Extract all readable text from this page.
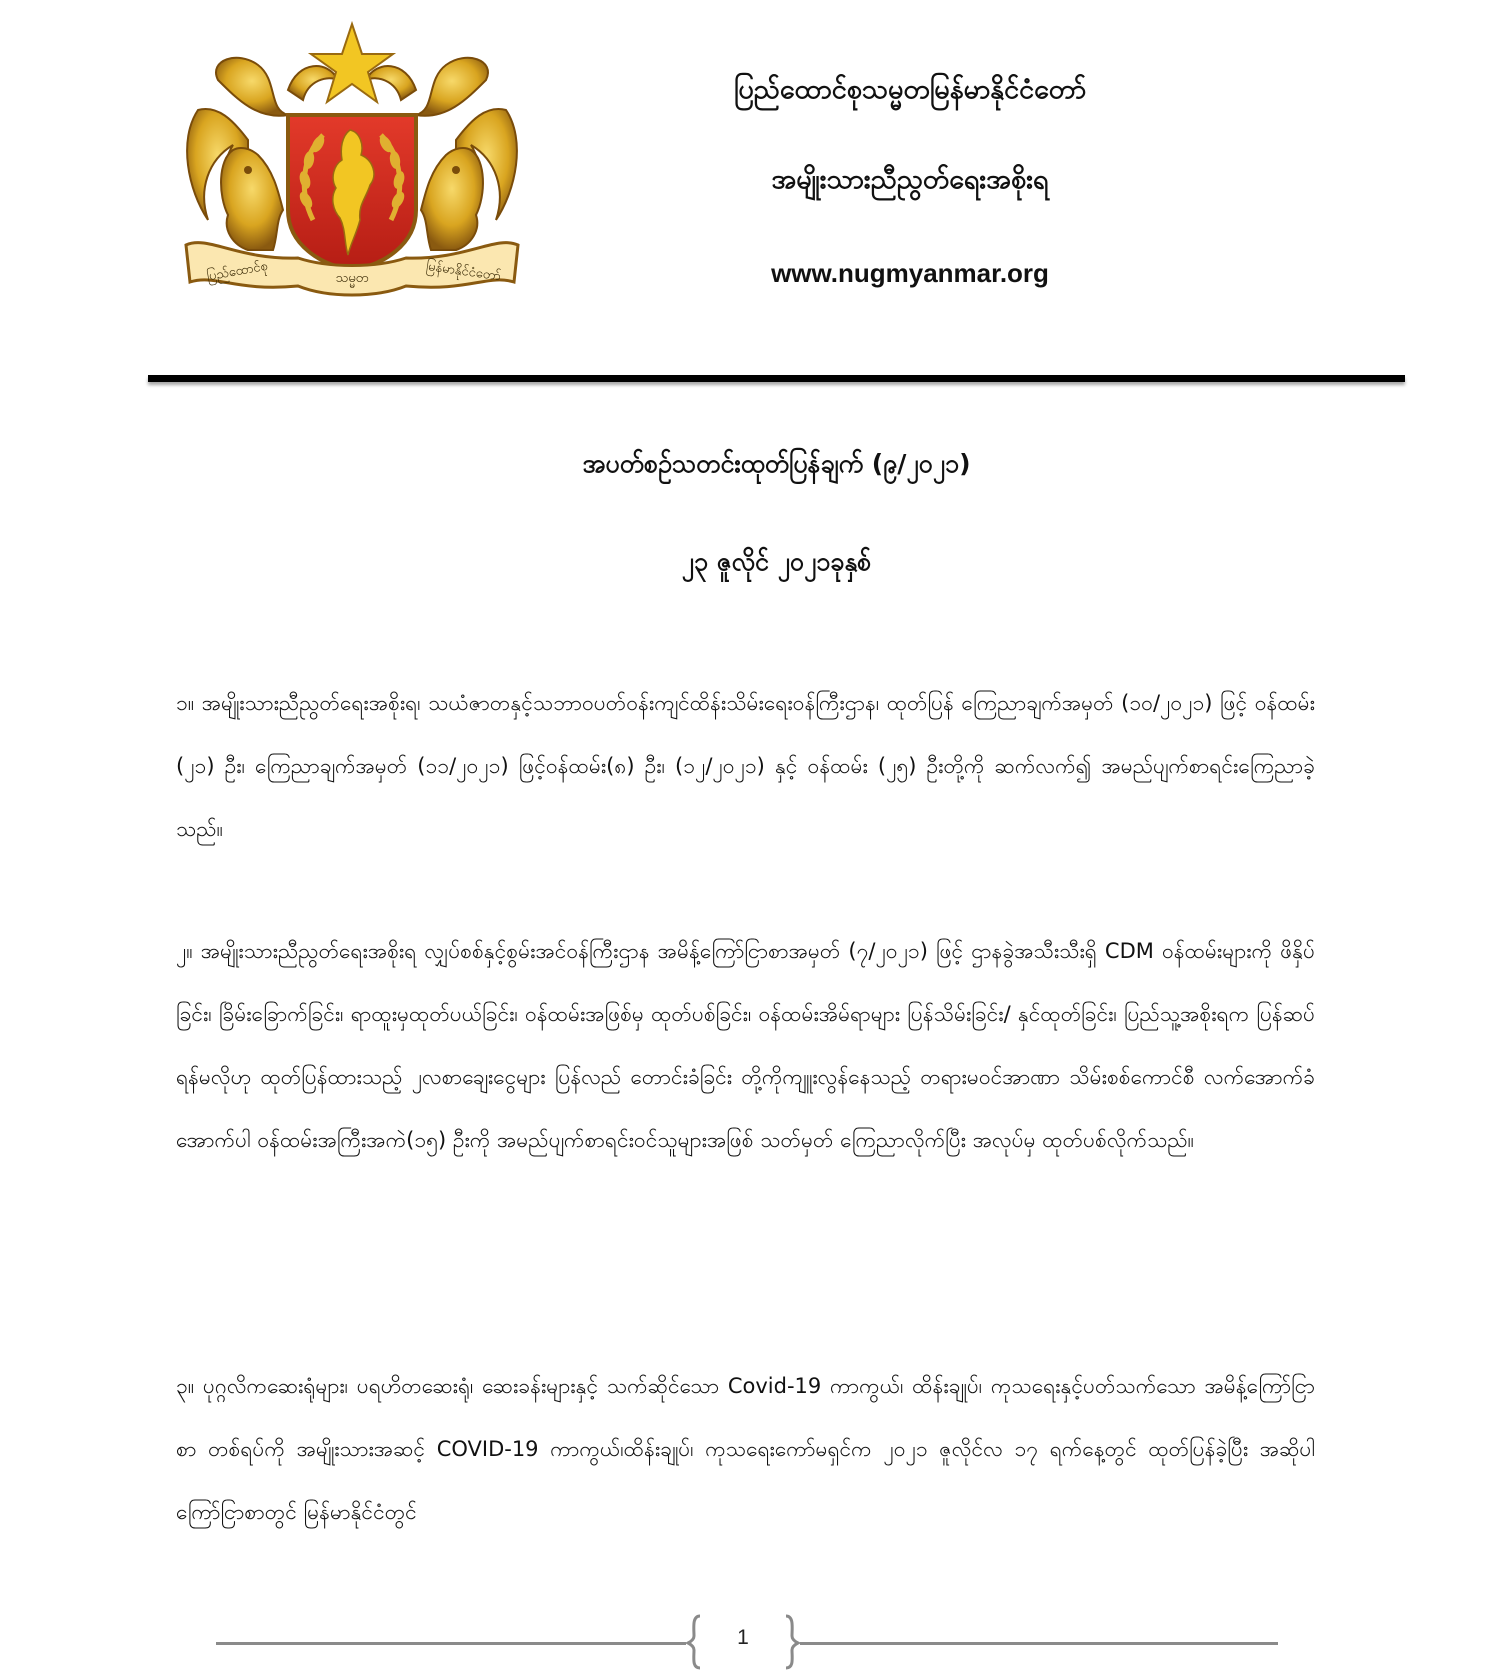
ပြည်ထောင်စု	သမ္မတ	မြန်မာနိုင်ငံတော်

ပြည်ထောင်စုသမ္မတမြန်မာနိုင်ငံတော်

အမျိုးသားညီညွတ်ရေးအစိုးရ

www.nugmyanmar.org

အပတ်စဉ်သတင်းထုတ်ပြန်ချက် (၉/၂၀၂၁)
၂၃ ဇူလိုင် ၂၀၂၁ခုနှစ်

၁။ အမျိုးသားညီညွတ်ရေးအစိုးရ၊ သယံဇာတနှင့်သဘာဝပတ်ဝန်းကျင်ထိန်းသိမ်းရေးဝန်ကြီးဌာန၊ ထုတ်ပြန် ကြေညာချက်အမှတ် (၁၀/၂၀၂၁) ဖြင့် ဝန်ထမ်း (၂၁) ဦး၊ ကြေညာချက်အမှတ် (၁၁/၂၀၂၁) ဖြင့်ဝန်ထမ်း(၈) ဦး၊ (၁၂/၂၀၂၁) နှင့် ဝန်ထမ်း (၂၅) ဦးတို့ကို ဆက်လက်၍ အမည်ပျက်စာရင်းကြေညာခဲ့သည်။

၂။ အမျိုးသားညီညွတ်ရေးအစိုးရ လျှပ်စစ်နှင့်စွမ်းအင်ဝန်ကြီးဌာန အမိန့်ကြော်ငြာစာအမှတ် (၇/၂၀၂၁) ဖြင့် ဌာနခွဲအသီးသီးရှိ CDM ဝန်ထမ်းများကို ဖိနှိပ်ခြင်း၊ ခြိမ်းခြောက်ခြင်း၊ ရာထူးမှထုတ်ပယ်ခြင်း၊ ဝန်ထမ်းအဖြစ်မှ ထုတ်ပစ်ခြင်း၊ ဝန်ထမ်းအိမ်ရာများ ပြန်သိမ်းခြင်း/ နှင်ထုတ်ခြင်း၊ ပြည်သူ့အစိုးရက ပြန်ဆပ်ရန်မလိုဟု ထုတ်ပြန်ထားသည့် ၂လစာချေးငွေများ ပြန်လည် တောင်းခံခြင်း တို့ကိုကျူးလွန်နေသည့် တရားမဝင်အာဏာ သိမ်းစစ်ကောင်စီ လက်အောက်ခံ အောက်ပါ ဝန်ထမ်းအကြီးအကဲ(၁၅) ဦးကို အမည်ပျက်စာရင်းဝင်သူများအဖြစ် သတ်မှတ် ကြေညာလိုက်ပြီး အလုပ်မှ ထုတ်ပစ်လိုက်သည်။

၃။ ပုဂ္ဂလိကဆေးရုံများ၊ ပရဟိတဆေးရုံ၊ ဆေးခန်းများနှင့် သက်ဆိုင်သော Covid-19 ကာကွယ်၊ ထိန်းချုပ်၊ ကုသရေးနှင့်ပတ်သက်သော အမိန့်ကြော်ငြာစာ တစ်ရပ်ကို အမျိုးသားအဆင့် COVID-19 ကာကွယ်၊ထိန်းချုပ်၊ ကုသရေးကော်မရှင်က ၂၀၂၁ ဇူလိုင်လ ၁၇ ရက်နေ့တွင် ထုတ်ပြန်ခဲ့ပြီး အဆိုပါ ကြော်ငြာစာတွင် မြန်မာနိုင်ငံတွင်

1
